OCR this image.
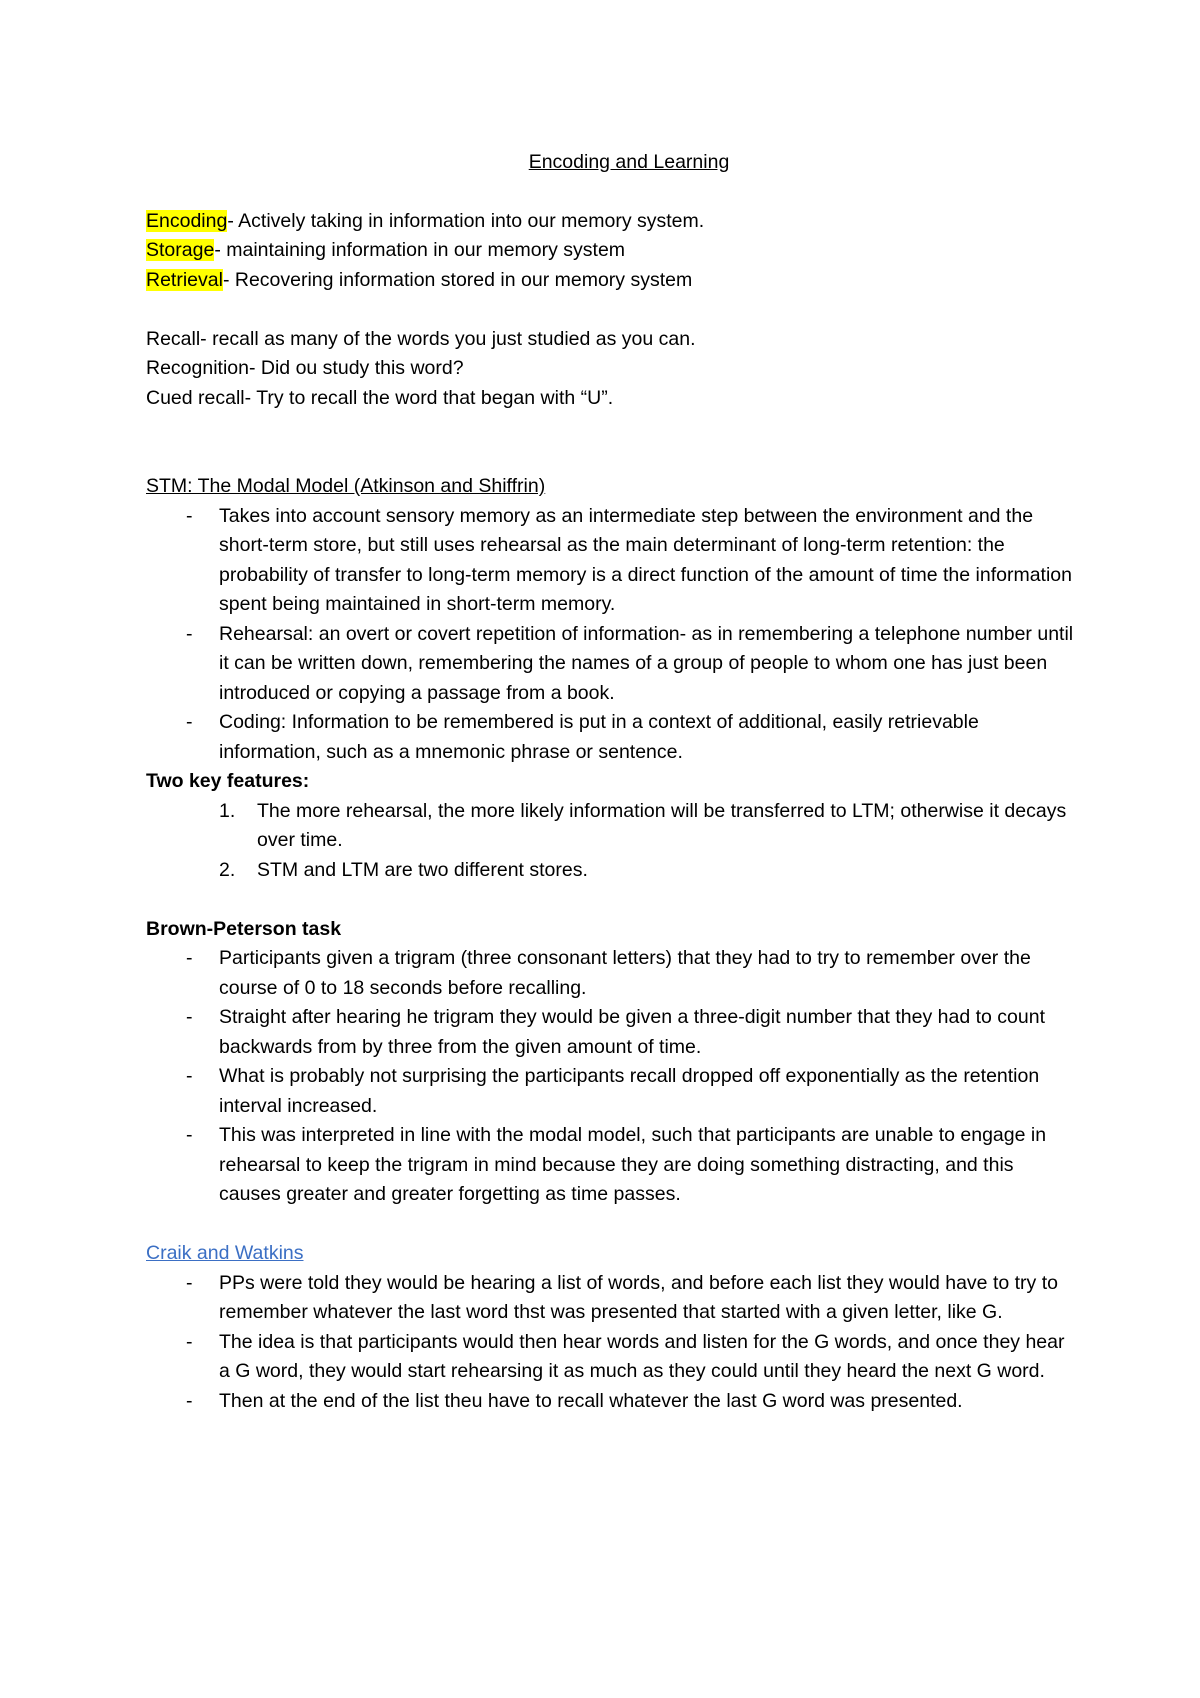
Encoding and Learning
Encoding- Actively taking in information into our memory system.
Storage- maintaining information in our memory system
Retrieval- Recovering information stored in our memory system
Recall- recall as many of the words you just studied as you can.
Recognition- Did ou study this word?
Cued recall- Try to recall the word that began with “U”.
STM: The Modal Model (Atkinson and Shiffrin)
- Takes into account sensory memory as an intermediate step between the environment and the short-term store, but still uses rehearsal as the main determinant of long-term retention: the probability of transfer to long-term memory is a direct function of the amount of time the information spent being maintained in short-term memory.
- Rehearsal: an overt or covert repetition of information- as in remembering a telephone number until it can be written down, remembering the names of a group of people to whom one has just been introduced or copying a passage from a book.
- Coding: Information to be remembered is put in a context of additional, easily retrievable information, such as a mnemonic phrase or sentence.
Two key features:
1. The more rehearsal, the more likely information will be transferred to LTM; otherwise it decays over time.
2. STM and LTM are two different stores.
Brown-Peterson task
- Participants given a trigram (three consonant letters) that they had to try to remember over the course of 0 to 18 seconds before recalling.
- Straight after hearing he trigram they would be given a three-digit number that they had to count backwards from by three from the given amount of time.
- What is probably not surprising the participants recall dropped off exponentially as the retention interval increased.
- This was interpreted in line with the modal model, such that participants are unable to engage in rehearsal to keep the trigram in mind because they are doing something distracting, and this causes greater and greater forgetting as time passes.
Craik and Watkins
- PPs were told they would be hearing a list of words, and before each list they would have to try to remember whatever the last word thst was presented that started with a given letter, like G.
- The idea is that participants would then hear words and listen for the G words, and once they hear a G word, they would start rehearsing it as much as they could until they heard the next G word.
- Then at the end of the list theu have to recall whatever the last G word was presented.
